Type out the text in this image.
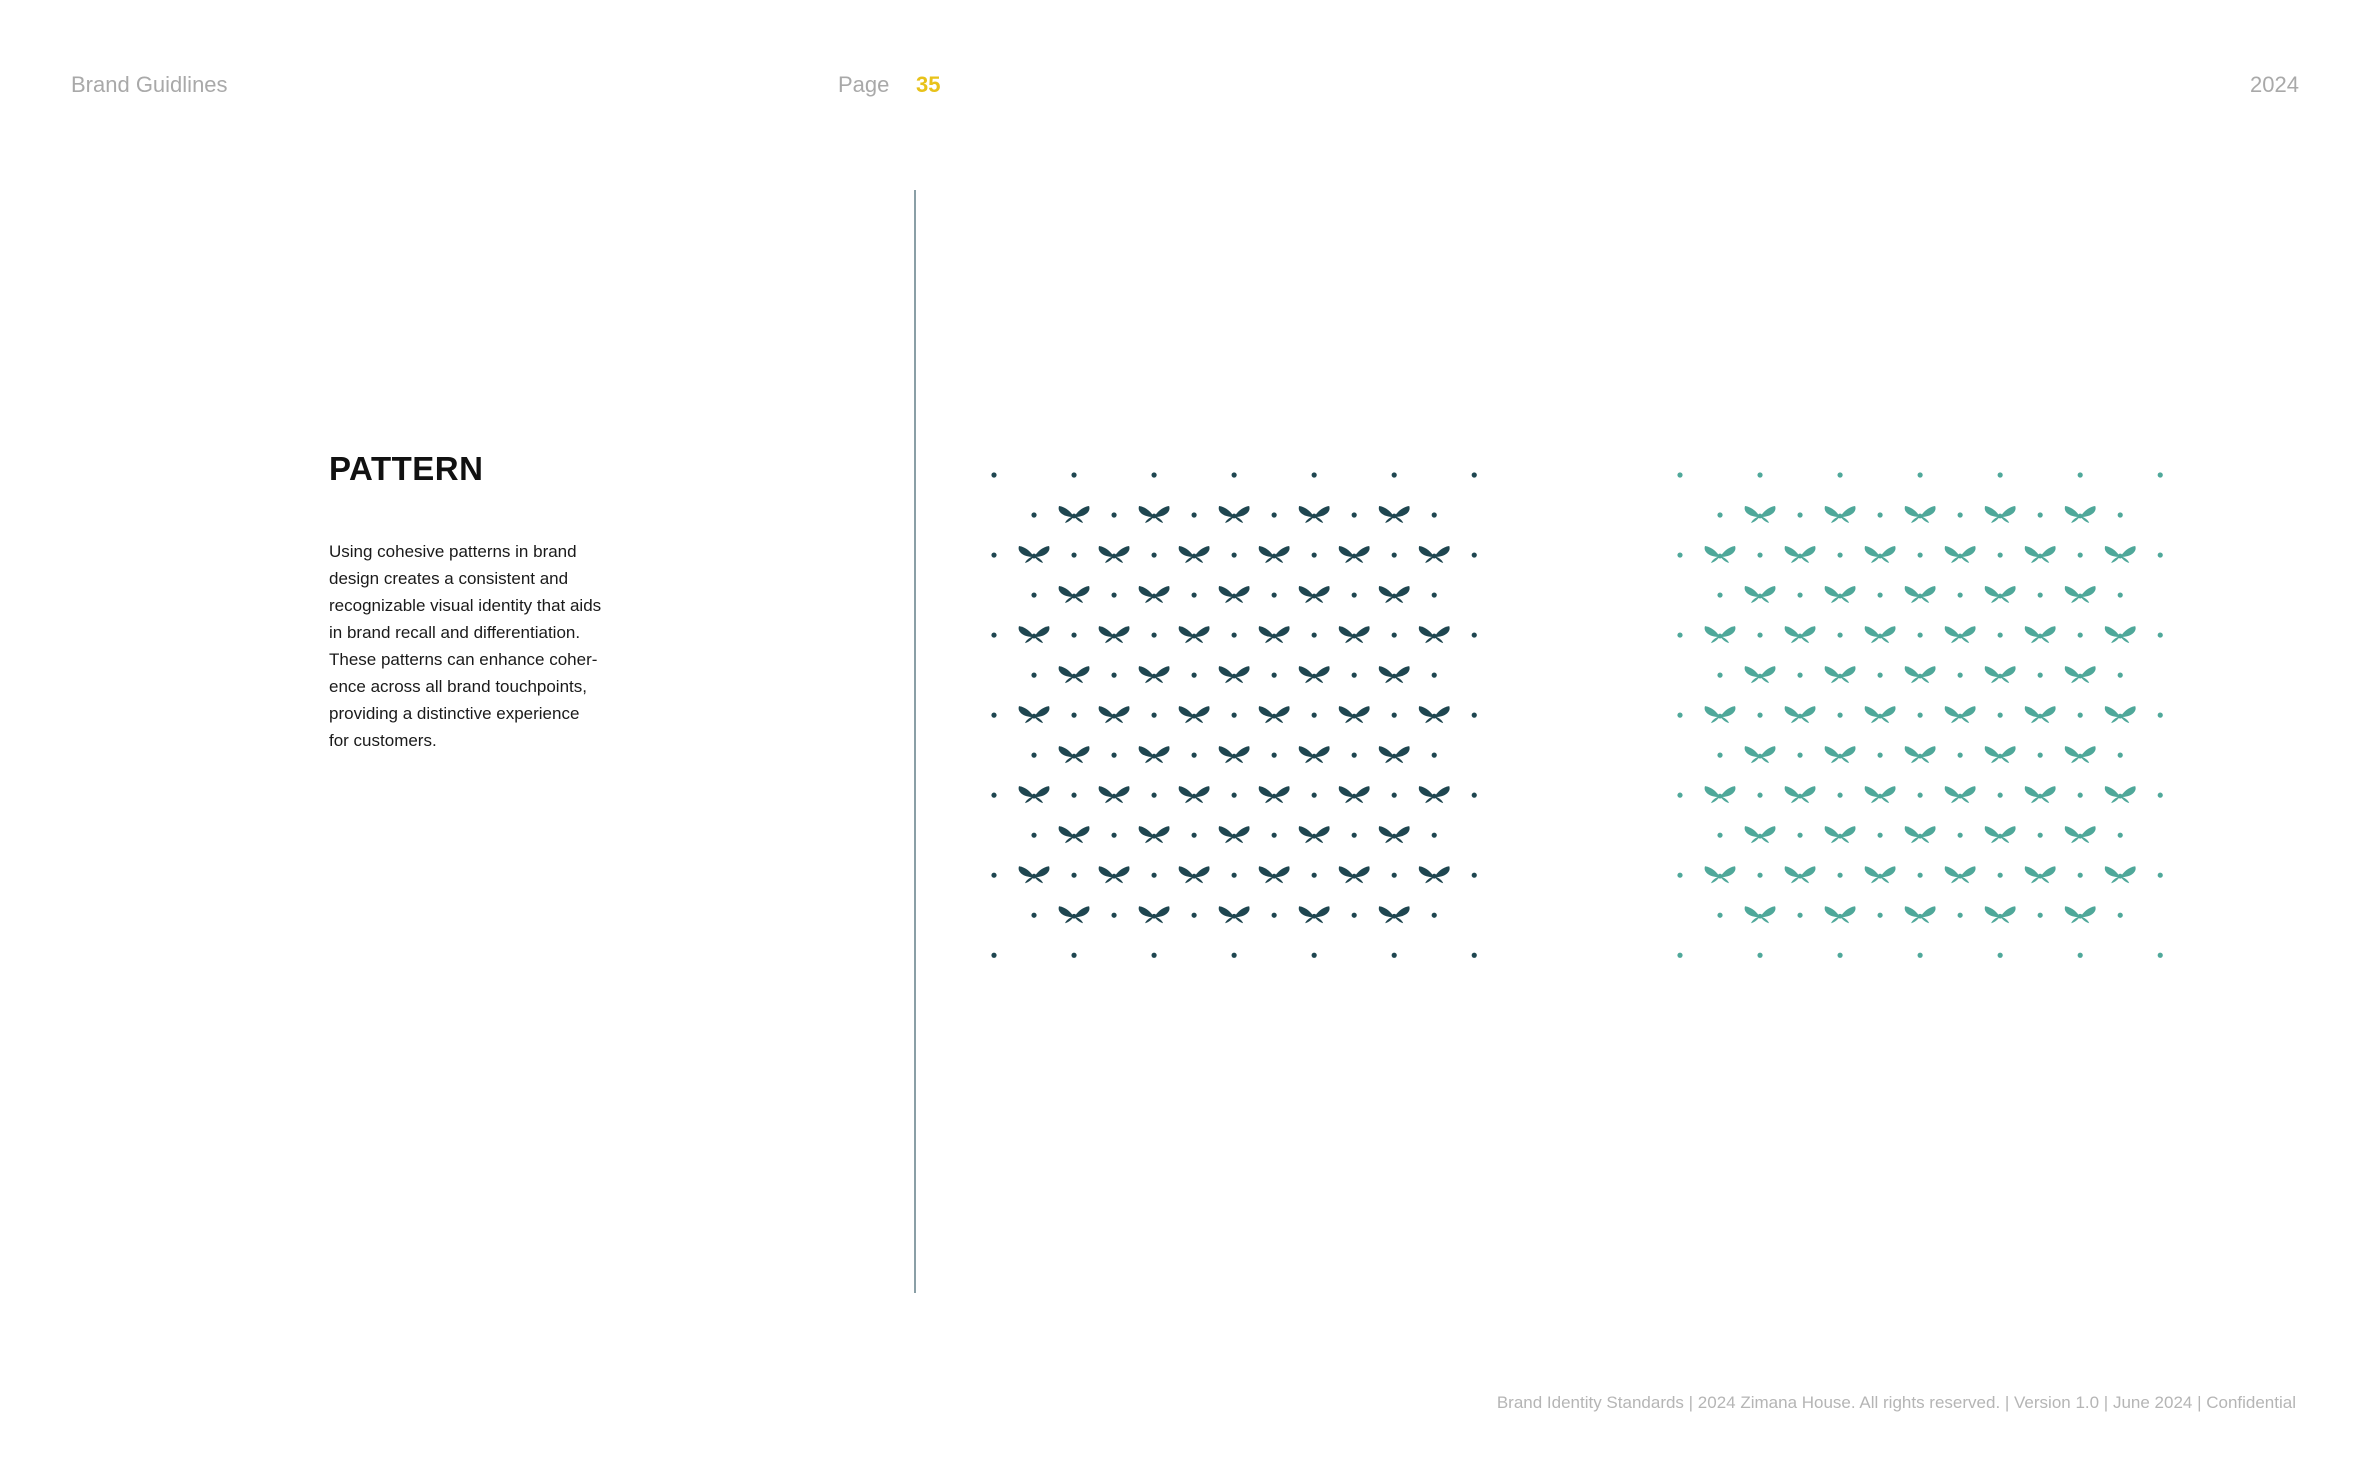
Brand Guidlines	Page 35	2024
PATTERN

Using cohesive patterns in brand
design creates a consistent and
recognizable visual identity that aids
in brand recall and differentiation.
These patterns can enhance coher-
ence across all brand touchpoints,
providing a distinctive experience
for customers.

Brand Identity Standards | 2024 Zimana House. All rights reserved. | Version 1.0 | June 2024 | Confidential
